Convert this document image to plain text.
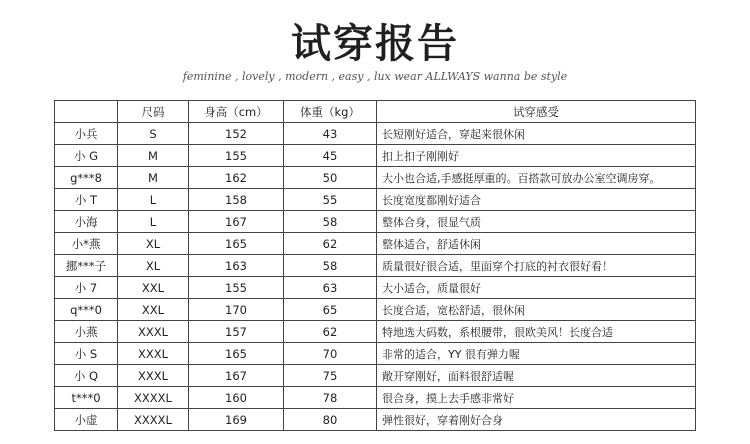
试穿报告
feminine , lovely , modern , easy , lux wear ALLWAYS wanna be style
	尺码	身高（cm）	体重（kg）	试穿感受
小兵	S	152	43	长短刚好适合，穿起来很休闲
小 G	M	155	45	扣上扣子刚刚好
g***8	M	162	50	大小也合适,手感挺厚重的。百搭款可放办公室空调房穿。
小 T	L	158	55	长度宽度都刚好适合
小海	L	167	58	整体合身，很显气质
小*燕	XL	165	62	整体适合，舒适休闲
挪***子	XL	163	58	质量很好很合适，里面穿个打底的衬衣很好看！
小 7	XXL	155	63	大小适合，质量很好
q***0	XXL	170	65	长度合适，宽松舒适，很休闲
小燕	XXXL	157	62	特地选大码数，系根腰带，很欧美风！长度合适
小 S	XXXL	165	70	非常的适合，YY 很有弹力喔
小 Q	XXXL	167	75	敞开穿刚好，面料很舒适喔
t***0	XXXXL	160	78	很合身，摸上去手感非常好
小虚	XXXXL	169	80	弹性很好，穿着刚好合身
